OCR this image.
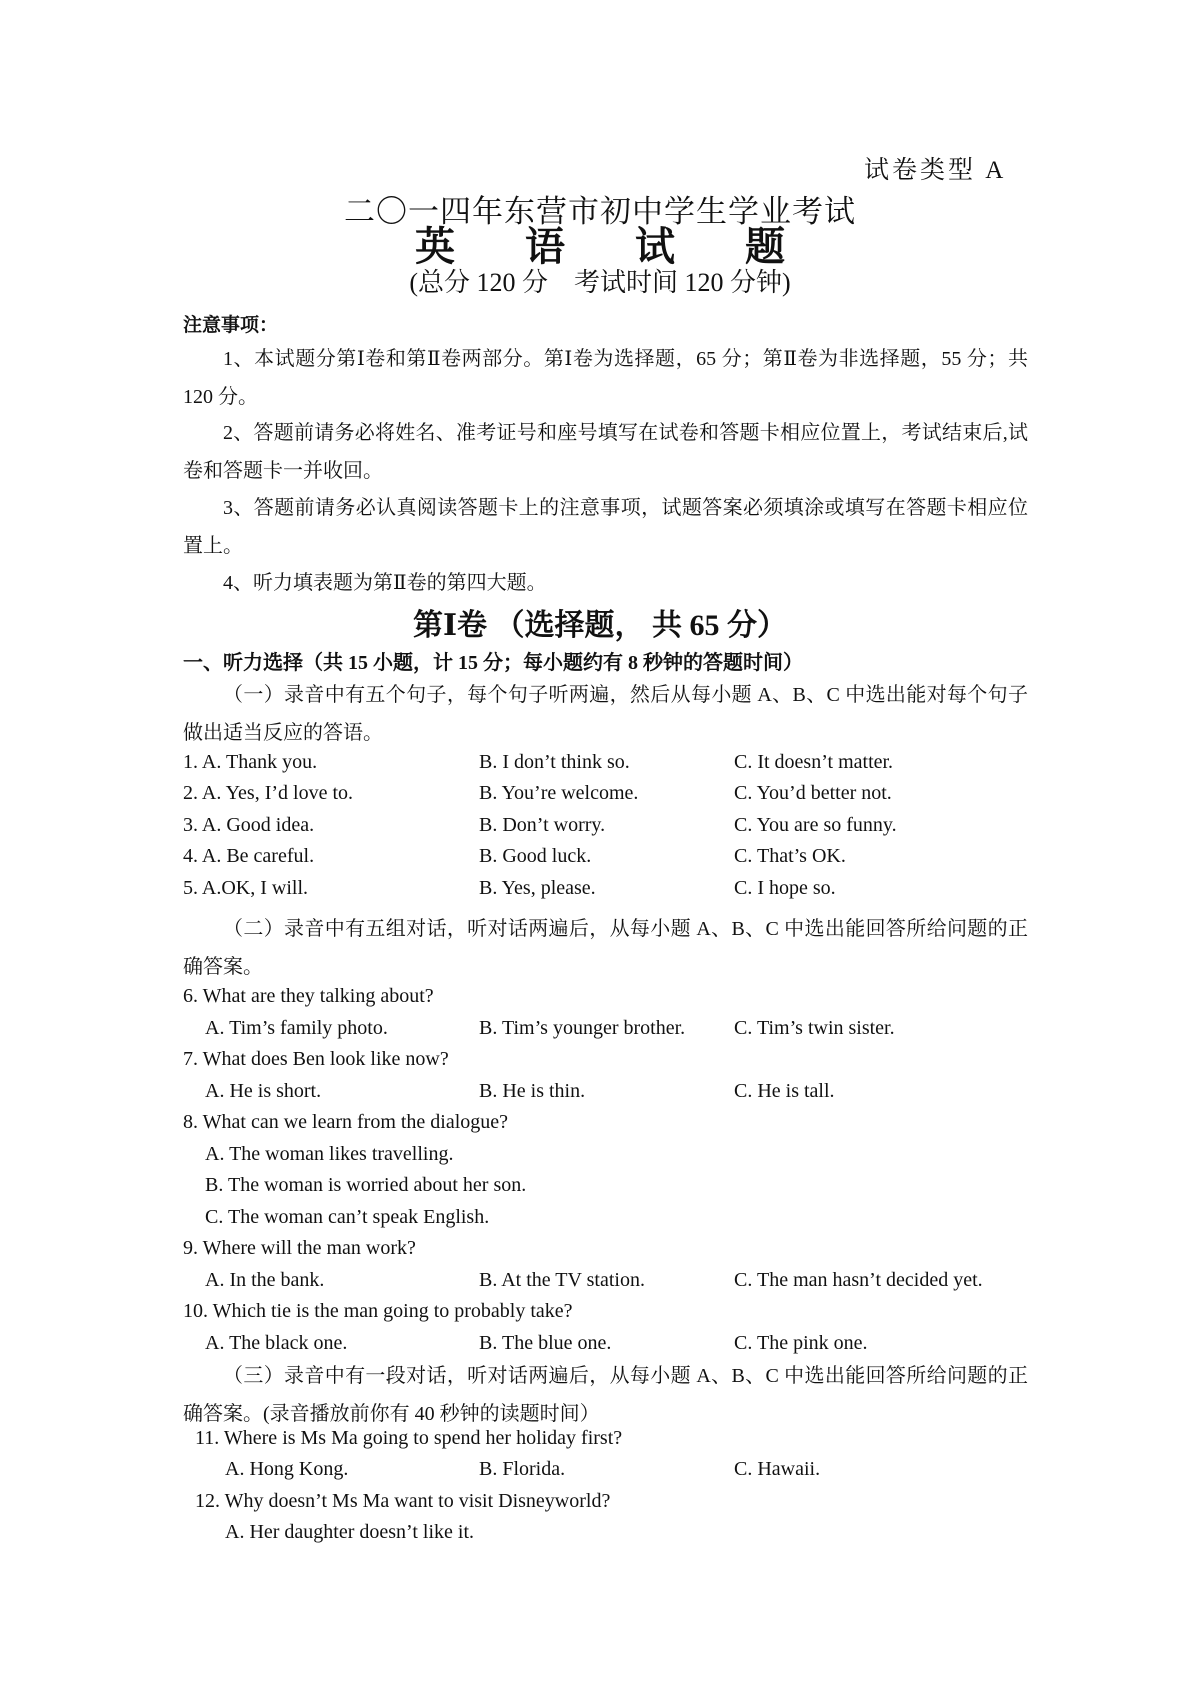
试卷类型 A
二〇一四年东营市初中学生学业考试
英 语 试 题
(总分 120 分　考试时间 120 分钟)
注意事项：
1、本试题分第Ⅰ卷和第Ⅱ卷两部分。第Ⅰ卷为选择题，65 分；第Ⅱ卷为非选择题，55 分；共 120 分。
2、答题前请务必将姓名、准考证号和座号填写在试卷和答题卡相应位置上，考试结束后,试卷和答题卡一并收回。
3、答题前请务必认真阅读答题卡上的注意事项，试题答案必须填涂或填写在答题卡相应位置上。
4、听力填表题为第Ⅱ卷的第四大题。
第Ⅰ卷 （选择题， 共 65 分）
一、听力选择（共 15 小题，计 15 分；每小题约有 8 秒钟的答题时间）
（一）录音中有五个句子，每个句子听两遍，然后从每小题 A、B、C 中选出能对每个句子做出适当反应的答语。
1. A. Thank you.	B. I don’t think so.	C. It doesn’t matter.
2. A. Yes, I’d love to.	B. You’re welcome.	C. You’d better not.
3. A. Good idea.	B. Don’t worry.	C. You are so funny.
4. A. Be careful.	B. Good luck.	C. That’s OK.
5. A.OK, I will.	B. Yes, please.	C. I hope so.
（二）录音中有五组对话，听对话两遍后，从每小题 A、B、C 中选出能回答所给问题的正确答案。
6. What are they talking about?
A. Tim’s family photo.	B. Tim’s younger brother. C. Tim’s twin sister.
7. What does Ben look like now?
A. He is short.	B. He is thin.	C. He is tall.
8. What can we learn from the dialogue?
A. The woman likes travelling.
B. The woman is worried about her son.
C. The woman can’t speak English.
9. Where will the man work?
A. In the bank.	B. At the TV station.	C. The man hasn’t decided yet.
10. Which tie is the man going to probably take?
A. The black one.	B. The blue one.	C. The pink one.
（三）录音中有一段对话，听对话两遍后，从每小题 A、B、C 中选出能回答所给问题的正确答案。(录音播放前你有 40 秒钟的读题时间）
11. Where is Ms Ma going to spend her holiday first?
A. Hong Kong.	B. Florida.	C. Hawaii.
12. Why doesn’t Ms Ma want to visit Disneyworld?
A. Her daughter doesn’t like it.
